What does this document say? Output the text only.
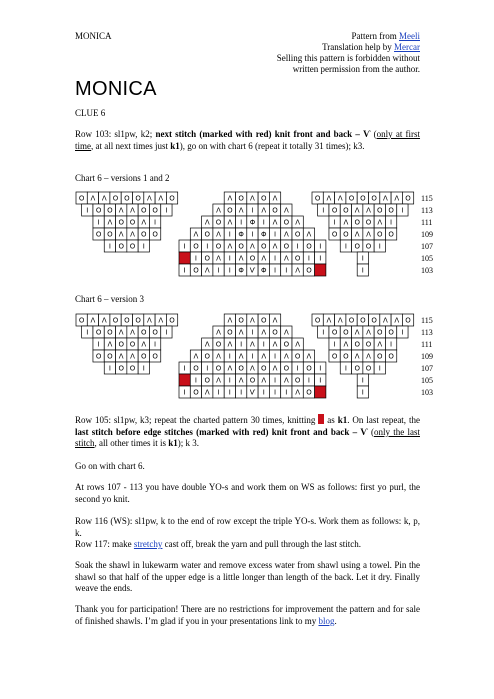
MONICA	Pattern from Meeli
Translation help by Mercar
Selling this pattern is forbidden without
written permission from the author.
MONICA
CLUE 6
Row 103: sl1pw, k2; next stitch (marked with red) knit front and back – Ѵ (only at first time, at all next times just k1), go on with chart 6 (repeat it totally 31 times); k3.
Chart 6 – versions 1 and 2
O Λ Λ O O O Λ Λ O
I O O Λ Λ O O I
I Λ O O Λ I
O O Λ Λ O O
I O O I
Λ O Λ O Λ
Λ O Λ I Λ O Λ
Λ O Λ I Φ I Λ O Λ
Λ O Λ I Φ I Φ I Λ O Λ
I O I O Λ O Λ O Λ O I O I
I O Λ I Λ O Λ I Λ O I I
I O Λ I I Φ Ѵ Φ I I Λ O
O Λ Λ O O O Λ Λ O
I O O Λ Λ O O I
I Λ O O Λ I
O O Λ Λ O O
I O O I
I
I
115
113
111
109
107
105
103
Chart 6 – version 3
O Λ Λ O O O Λ Λ O
I O O Λ Λ O O I
I Λ O O Λ I
O O Λ Λ O O
I O O I
Λ O Λ O Λ
Λ O Λ I Λ O Λ
Λ O Λ I Λ I Λ O Λ
Λ O Λ I Λ I Λ I Λ O Λ
I O I O Λ O Λ O Λ O I O I
I O Λ I Λ O Λ I Λ O I I
I O Λ I I I Ѵ I I I Λ O
O Λ Λ O O O Λ Λ O
I O O Λ Λ O O I
I Λ O O Λ I
O O Λ Λ O O
I O O I
I
I
115
113
111
109
107
105
103
Row 105: sl1pw, k3; repeat the charted pattern 30 times, knitting  as k1. On last repeat, the last stitch before edge stitches (marked with red) knit front and back – Ѵ (only the last stitch, all other times it is k1); k 3.
Go on with chart 6.
At rows 107 - 113 you have double YO-s and work them on WS as follows: first yo purl, the second yo knit.
Row 116 (WS): sl1pw, k to the end of row except the triple YO-s. Work them as follows: k, p, k.
Row 117: make stretchy cast off, break the yarn and pull through the last stitch.
Soak the shawl in lukewarm water and remove excess water from shawl using a towel. Pin the shawl so that half of the upper edge is a little longer than length of the back. Let it dry. Finally weave the ends.
Thank you for participation! There are no restrictions for improvement the pattern and for sale of finished shawls. I’m glad if you in your presentations link to my blog.
